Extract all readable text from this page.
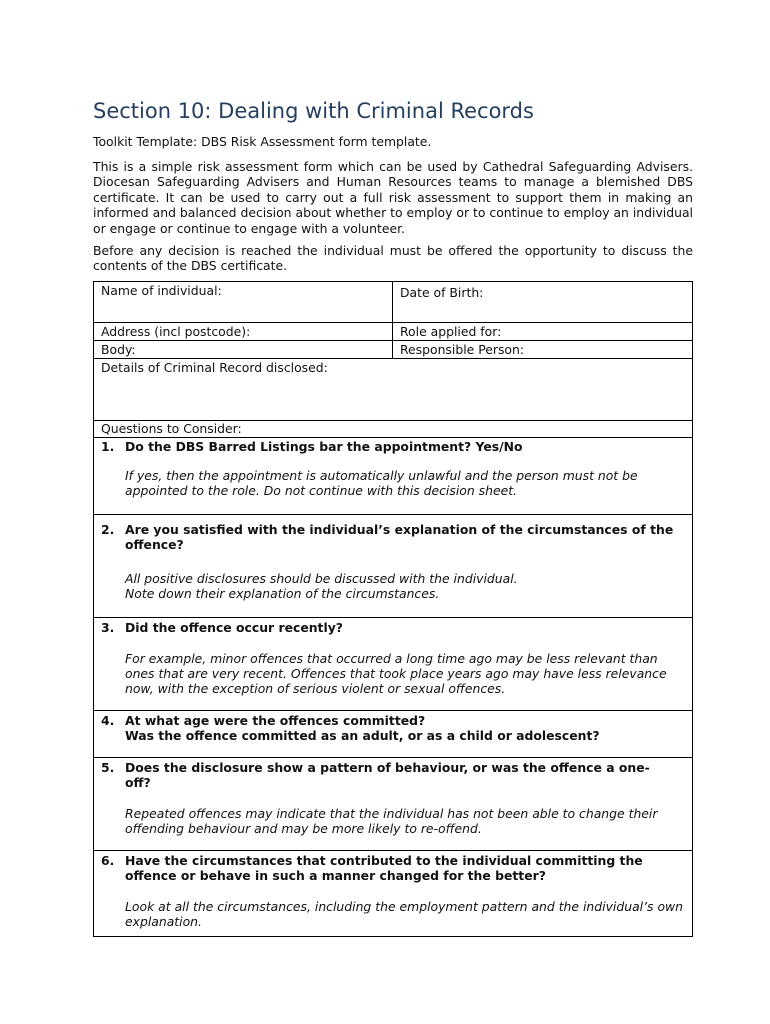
Section 10: Dealing with Criminal Records

Toolkit Template: DBS Risk Assessment form template.

This is a simple risk assessment form which can be used by Cathedral Safeguarding Advisers. Diocesan Safeguarding Advisers and Human Resources teams to manage a blemished DBS certificate. It can be used to carry out a full risk assessment to support them in making an informed and balanced decision about whether to employ or to continue to employ an individual or engage or continue to engage with a volunteer.

Before any decision is reached the individual must be offered the opportunity to discuss the contents of the DBS certificate.

Name of individual:	Date of Birth:

Address (incl postcode):	Role applied for:
Body:	Responsible Person:
Details of Criminal Record disclosed:	

Questions to Consider:	

1. Do the DBS Barred Listings bar the appointment? Yes/No
If yes, then the appointment is automatically unlawful and the person must not be appointed to the role. Do not continue with this decision sheet.	

2. Are you satisfied with the individual’s explanation of the circumstances of the offence?
All positive disclosures should be discussed with the individual.
Note down their explanation of the circumstances.	

3. Did the offence occur recently?
For example, minor offences that occurred a long time ago may be less relevant than ones that are very recent. Offences that took place years ago may have less relevance now, with the exception of serious violent or sexual offences.	

4. At what age were the offences committed?
Was the offence committed as an adult, or as a child or adolescent?	

5. Does the disclosure show a pattern of behaviour, or was the offence a one-off?
Repeated offences may indicate that the individual has not been able to change their offending behaviour and may be more likely to re-offend.	

6. Have the circumstances that contributed to the individual committing the offence or behave in such a manner changed for the better?
Look at all the circumstances, including the employment pattern and the individual’s own explanation.	
